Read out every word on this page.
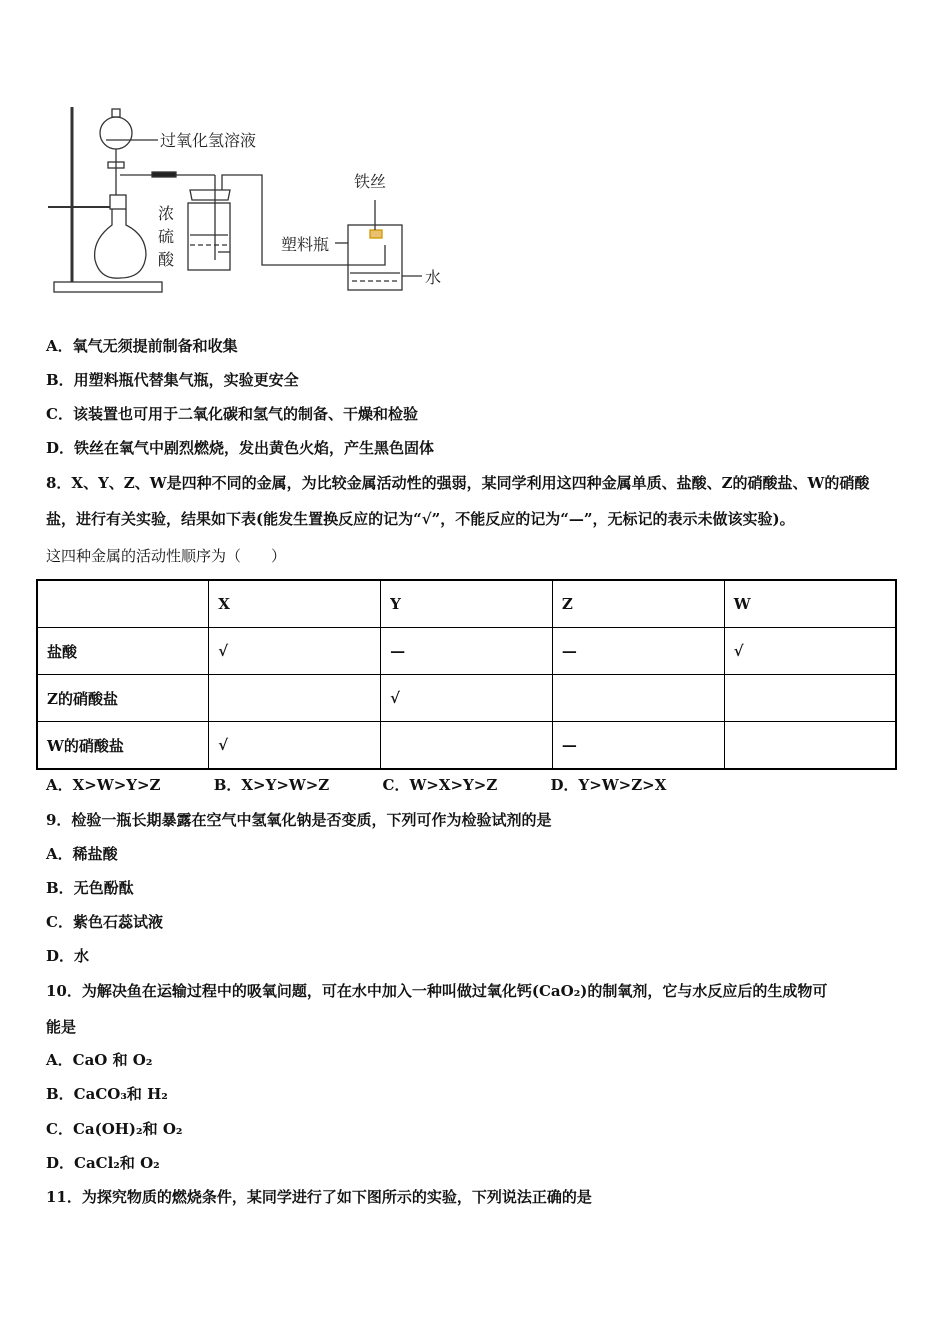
过氧化氢溶液
浓
硫
酸
铁丝
塑料瓶
水
A．氧气无须提前制备和收集
B．用塑料瓶代替集气瓶，实验更安全
C．该装置也可用于二氧化碳和氢气的制备、干燥和检验
D．铁丝在氧气中剧烈燃烧，发出黄色火焰，产生黑色固体
8．X、Y、Z、W是四种不同的金属，为比较金属活动性的强弱，某同学利用这四种金属单质、盐酸、Z的硝酸盐、W的硝酸
盐，进行有关实验，结果如下表(能发生置换反应的记为“√”，不能反应的记为“—”，无标记的表示未做该实验)。
这四种金属的活动性顺序为（　　）
	X	Y	Z	W
盐酸	√	—	—	√
Z的硝酸盐		√		
W的硝酸盐	√		—	
A．X>W>Y>Z	B．X>Y>W>Z	C．W>X>Y>Z	D．Y>W>Z>X
9．检验一瓶长期暴露在空气中氢氧化钠是否变质，下列可作为检验试剂的是
A．稀盐酸
B．无色酚酞
C．紫色石蕊试液
D．水
10．为解决鱼在运输过程中的吸氧问题，可在水中加入一种叫做过氧化钙(CaO₂)的制氧剂，它与水反应后的生成物可
能是
A．CaO 和 O₂
B．CaCO₃和 H₂
C．Ca(OH)₂和 O₂
D．CaCl₂和 O₂
11．为探究物质的燃烧条件，某同学进行了如下图所示的实验，下列说法正确的是
